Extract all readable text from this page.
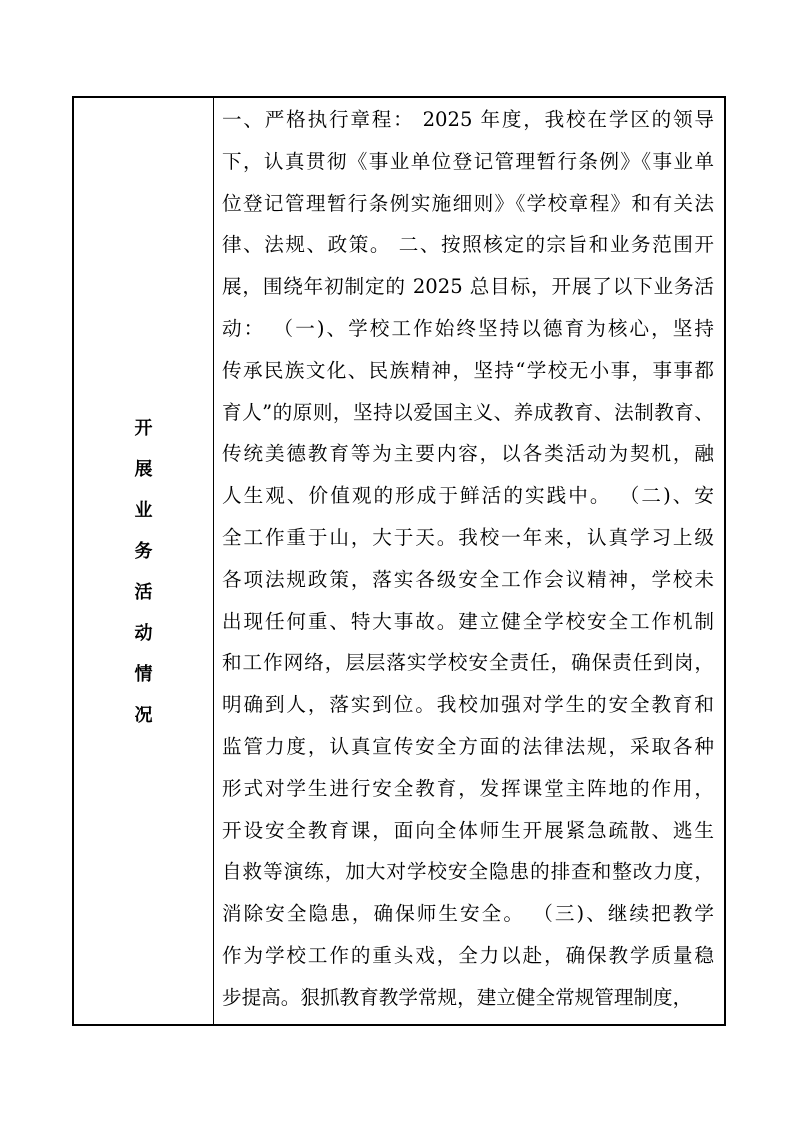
开
展
业
务
活
动
情
况
一、严格执行章程： 2025 年度，我校在学区的领导
下，认真贯彻《事业单位登记管理暂行条例》《事业单
位登记管理暂行条例实施细则》《学校章程》和有关法
律、法规、政策。 二、按照核定的宗旨和业务范围开
展，围绕年初制定的 2025 总目标，开展了以下业务活
动： （一)、学校工作始终坚持以德育为核心，坚持
传承民族文化、民族精神，坚持“学校无小事，事事都
育人”的原则，坚持以爱国主义、养成教育、法制教育、
传统美德教育等为主要内容，以各类活动为契机，融
人生观、价值观的形成于鲜活的实践中。 （二)、安
全工作重于山，大于天。我校一年来，认真学习上级
各项法规政策，落实各级安全工作会议精神，学校未
出现任何重、特大事故。建立健全学校安全工作机制
和工作网络，层层落实学校安全责任，确保责任到岗，
明确到人，落实到位。我校加强对学生的安全教育和
监管力度，认真宣传安全方面的法律法规，采取各种
形式对学生进行安全教育，发挥课堂主阵地的作用，
开设安全教育课，面向全体师生开展紧急疏散、逃生
自救等演练，加大对学校安全隐患的排查和整改力度，
消除安全隐患，确保师生安全。 （三)、继续把教学
作为学校工作的重头戏，全力以赴，确保教学质量稳
步提高。狠抓教育教学常规，建立健全常规管理制度，
